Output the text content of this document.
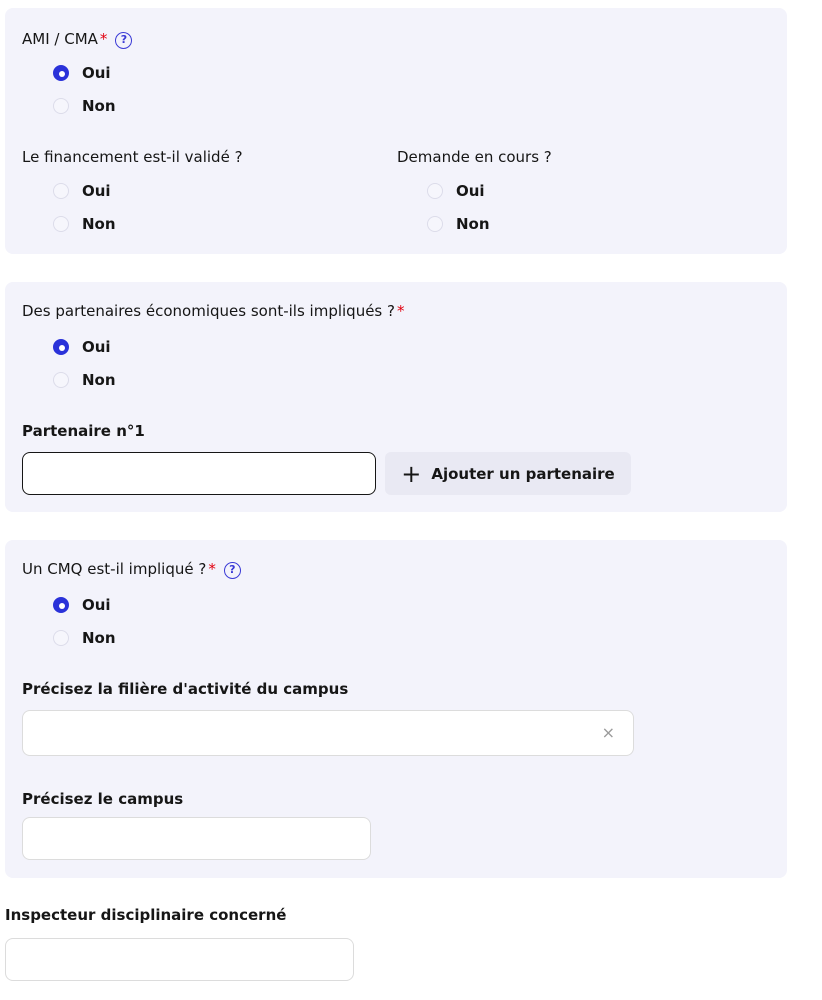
AMI / CMA * ?
Oui
Non
Le financement est-il validé ?
Oui
Non
Demande en cours ?
Oui
Non
Des partenaires économiques sont-ils impliqués ? *
Oui
Non
Partenaire n°1
+ Ajouter un partenaire
Un CMQ est-il impliqué ? * ?
Oui
Non
Précisez la filière d'activité du campus
×
Précisez le campus
Inspecteur disciplinaire concerné
